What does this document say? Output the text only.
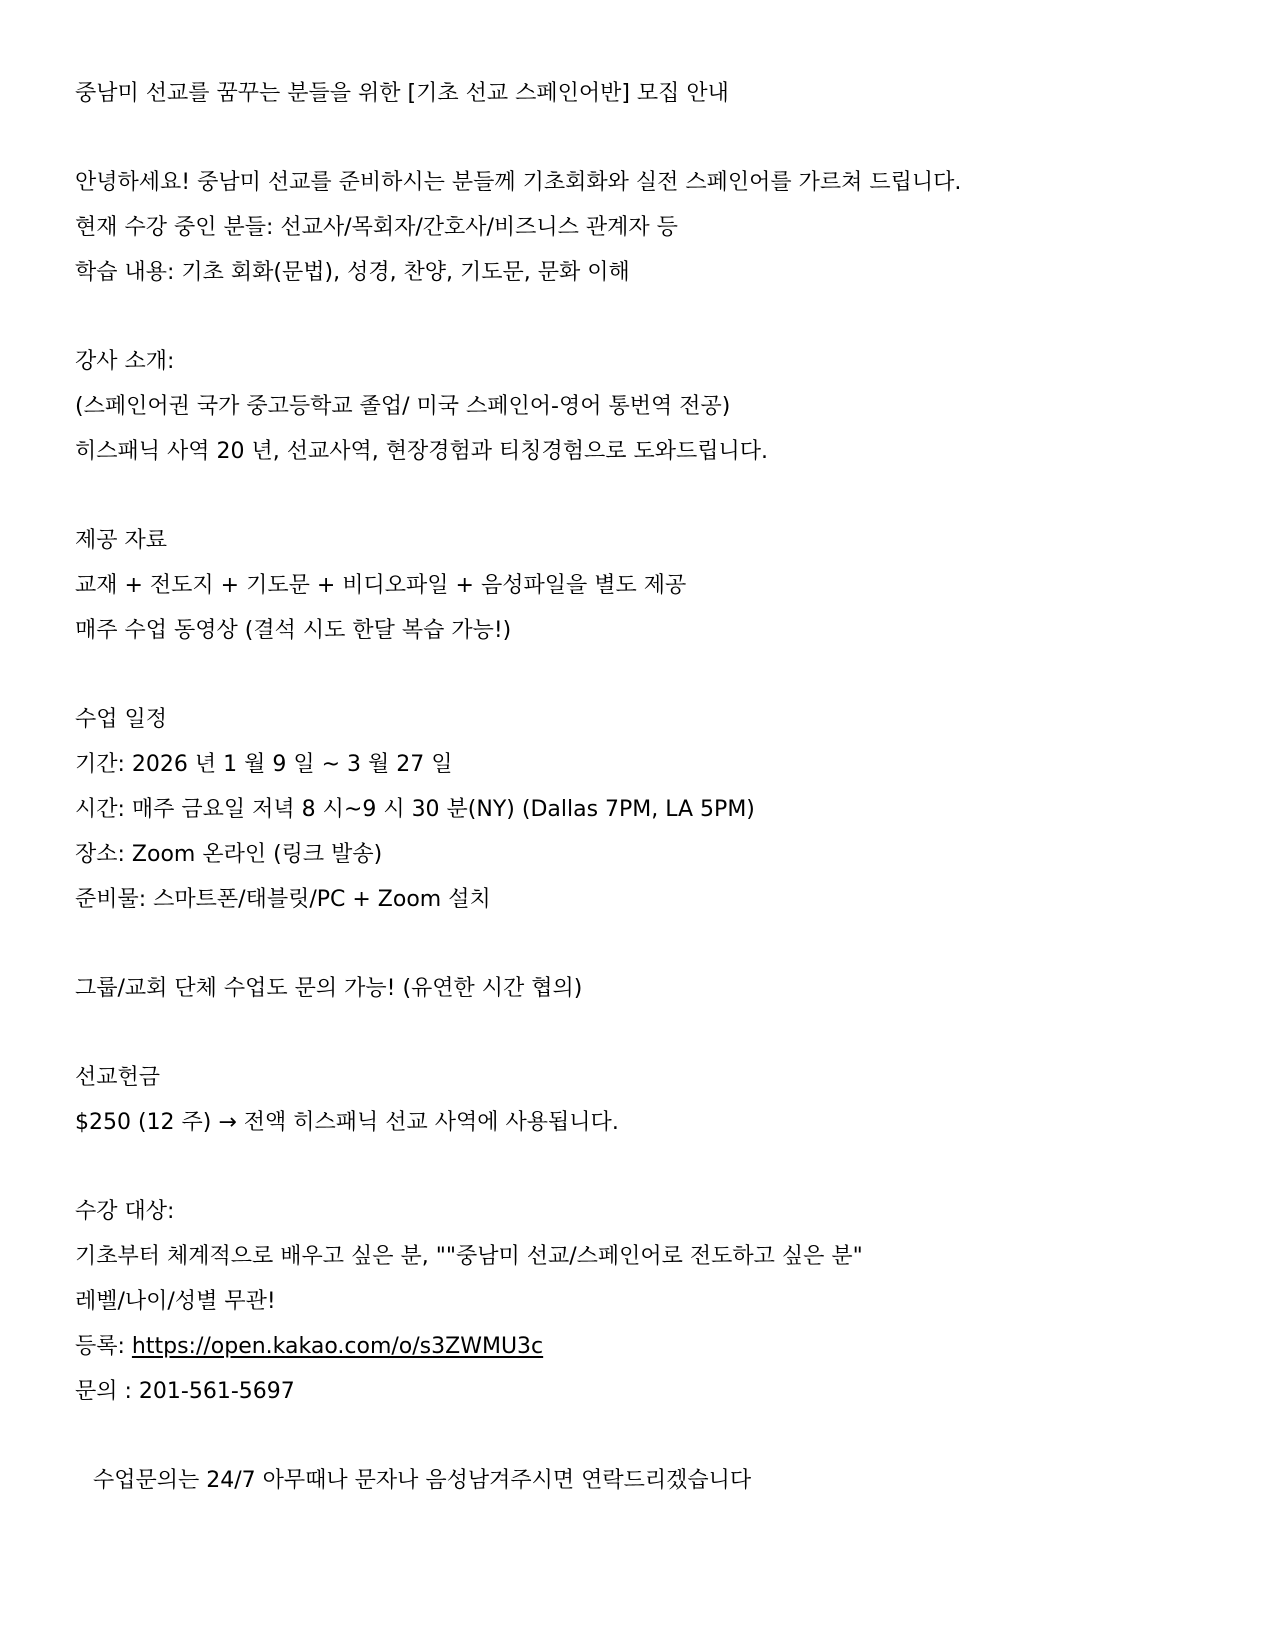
중남미 선교를 꿈꾸는 분들을 위한 [기초 선교 스페인어반] 모집 안내
안녕하세요! 중남미 선교를 준비하시는 분들께 기초회화와 실전 스페인어를 가르쳐 드립니다.
현재 수강 중인 분들: 선교사/목회자/간호사/비즈니스 관계자 등
학습 내용: 기초 회화(문법), 성경, 찬양, 기도문, 문화 이해
강사 소개:
(스페인어권 국가 중고등학교 졸업/ 미국 스페인어-영어 통번역 전공)
히스패닉 사역 20 년, 선교사역, 현장경험과 티칭경험으로 도와드립니다.
제공 자료
교재 + 전도지 + 기도문 + 비디오파일 + 음성파일을 별도 제공
매주 수업 동영상 (결석 시도 한달 복습 가능!)
수업 일정
기간: 2026 년 1 월 9 일 ~ 3 월 27 일
시간: 매주 금요일 저녁 8 시~9 시 30 분(NY) (Dallas 7PM, LA 5PM)
장소: Zoom 온라인 (링크 발송)
준비물: 스마트폰/태블릿/PC + Zoom 설치
그룹/교회 단체 수업도 문의 가능! (유연한 시간 협의)
선교헌금
$250 (12 주) → 전액 히스패닉 선교 사역에 사용됩니다.
수강 대상:
기초부터 체계적으로 배우고 싶은 분, ""중남미 선교/스페인어로 전도하고 싶은 분"
레벨/나이/성별 무관!
등록: https://open.kakao.com/o/s3ZWMU3c
문의 : 201-561-5697
수업문의는 24/7 아무때나 문자나 음성남겨주시면 연락드리겠습니다
